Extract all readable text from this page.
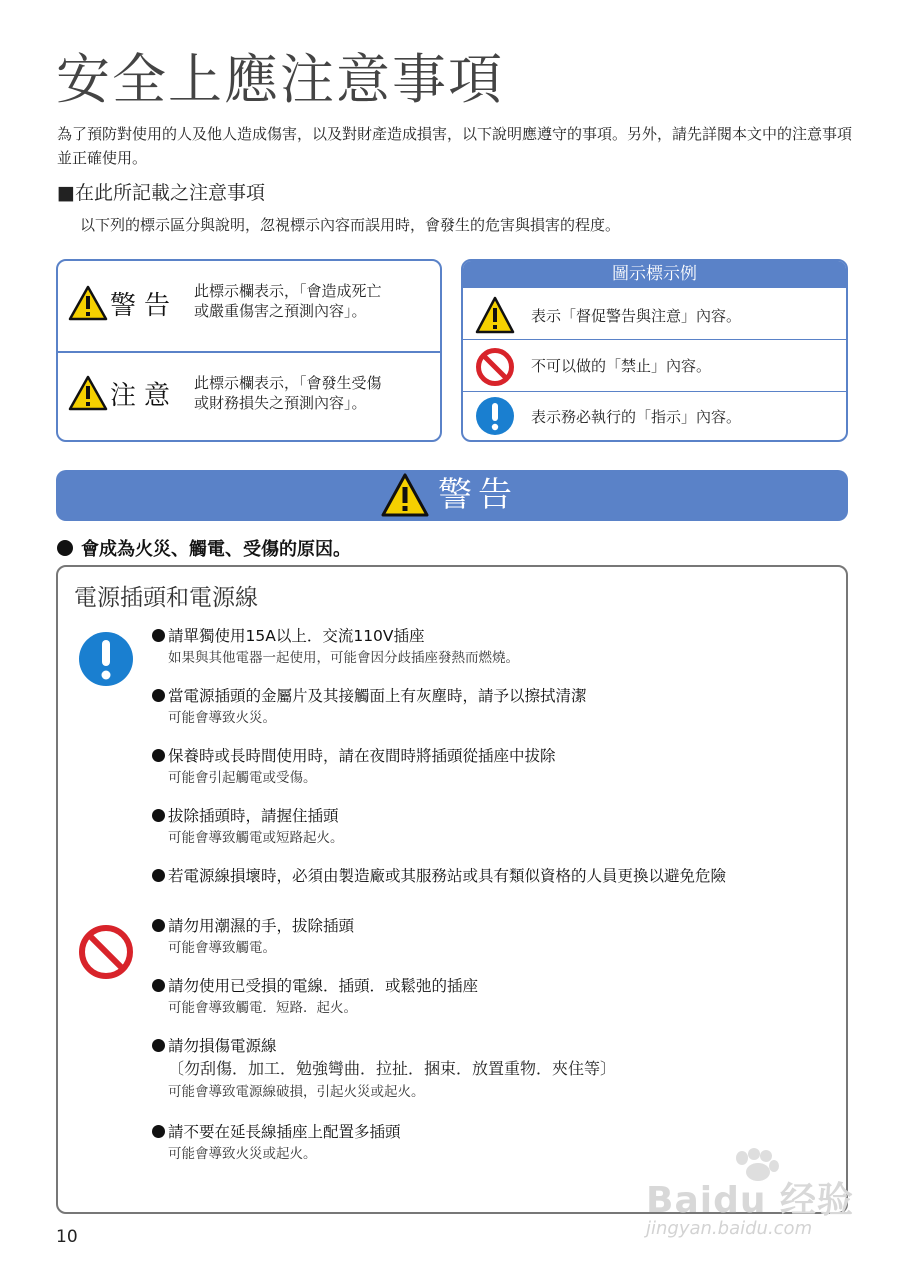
安全上應注意事項
為了預防對使用的人及他人造成傷害，以及對財產造成損害，以下說明應遵守的事項。另外，請先詳閱本文中的注意事項並正確使用。
■在此所記載之注意事項
以下列的標示區分與說明，忽視標示內容而誤用時，會發生的危害與損害的程度。
警告 此標示欄表示，「會造成死亡
或嚴重傷害之預測內容」。
注意 此標示欄表示，「會發生受傷
或財務損失之預測內容」。
圖示標示例
表示「督促警告與注意」內容。
不可以做的「禁止」內容。
表示務必執行的「指示」內容。
警告
會成為火災、觸電、受傷的原因。
電源插頭和電源線
請單獨使用15A以上．交流110V插座
如果與其他電器一起使用，可能會因分歧插座發熱而燃燒。
當電源插頭的金屬片及其接觸面上有灰塵時，請予以擦拭清潔
可能會導致火災。
保養時或長時間使用時，請在夜間時將插頭從插座中拔除
可能會引起觸電或受傷。
拔除插頭時，請握住插頭
可能會導致觸電或短路起火。
若電源線損壞時，必須由製造廠或其服務站或具有類似資格的人員更換以避免危險
請勿用潮濕的手，拔除插頭
可能會導致觸電。
請勿使用已受損的電線．插頭．或鬆弛的插座
可能會導致觸電．短路．起火。
請勿損傷電源線
〔勿刮傷．加工．勉強彎曲．拉扯．捆束．放置重物．夾住等〕
可能會導致電源線破損，引起火災或起火。
請不要在延長線插座上配置多插頭
可能會導致火災或起火。
10
Baidu 经验
jingyan.baidu.com
